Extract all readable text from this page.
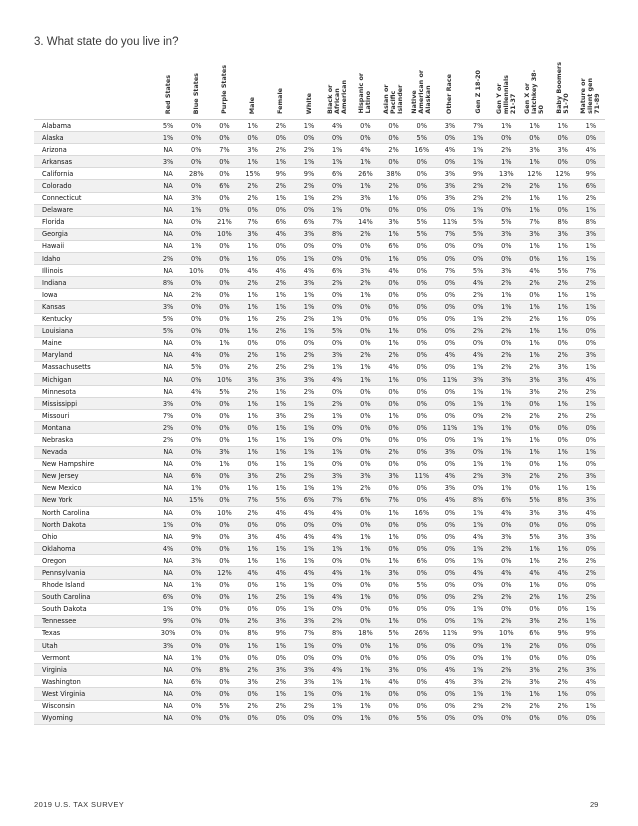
3. What state do you live in?
	Red States	Blue States	Purple States	Male	Female	White	Black or
African
American	Hispanic or
Latino	Asian or Pacific
Islander	Native
American or
Alaskan	Other Race	Gen Z 18-20	Gen Y or
millennials
21-37	Gen X or
latchkey 38-50	Baby Boomers
51-70	Mature or
silent gen
71-89
Alabama	5%	0%	0%	1%	2%	1%	4%	0%	0%	0%	3%	7%	1%	1%	1%	1%
Alaska	1%	0%	0%	0%	0%	0%	0%	0%	0%	5%	0%	1%	0%	0%	0%	0%
Arizona	NA	0%	7%	3%	2%	2%	1%	4%	2%	16%	4%	1%	2%	3%	3%	4%
Arkansas	3%	0%	0%	1%	1%	1%	1%	1%	0%	0%	0%	1%	1%	1%	0%	0%
California	NA	28%	0%	15%	9%	9%	6%	26%	38%	0%	3%	9%	13%	12%	12%	9%
Colorado	NA	0%	6%	2%	2%	2%	0%	1%	2%	0%	3%	2%	2%	2%	1%	6%
Connecticut	NA	3%	0%	2%	1%	1%	2%	3%	1%	0%	3%	2%	2%	1%	1%	2%
Delaware	NA	1%	0%	0%	0%	0%	1%	0%	0%	0%	0%	1%	0%	1%	0%	1%
Florida	NA	0%	21%	7%	6%	6%	7%	14%	3%	5%	11%	5%	5%	7%	8%	8%
Georgia	NA	0%	10%	3%	4%	3%	8%	2%	1%	5%	7%	5%	3%	3%	3%	3%
Hawaii	NA	1%	0%	1%	0%	0%	0%	0%	6%	0%	0%	0%	0%	1%	1%	1%
Idaho	2%	0%	0%	1%	0%	1%	0%	0%	1%	0%	0%	0%	0%	0%	1%	1%
Illinois	NA	10%	0%	4%	4%	4%	6%	3%	4%	0%	7%	5%	3%	4%	5%	7%
Indiana	8%	0%	0%	2%	2%	3%	2%	2%	0%	0%	0%	4%	2%	2%	2%	2%
Iowa	NA	2%	0%	1%	1%	1%	0%	1%	0%	0%	0%	2%	1%	0%	1%	1%
Kansas	3%	0%	0%	1%	1%	1%	0%	0%	0%	0%	0%	0%	1%	1%	1%	1%
Kentucky	5%	0%	0%	1%	2%	2%	1%	0%	0%	0%	0%	1%	2%	2%	1%	0%
Louisiana	5%	0%	0%	1%	2%	1%	5%	0%	1%	0%	0%	2%	2%	1%	1%	0%
Maine	NA	0%	1%	0%	0%	0%	0%	0%	1%	0%	0%	0%	0%	1%	0%	0%
Maryland	NA	4%	0%	2%	1%	2%	3%	2%	2%	0%	4%	4%	2%	1%	2%	3%
Massachusetts	NA	5%	0%	2%	2%	2%	1%	1%	4%	0%	0%	1%	2%	2%	3%	1%
Michigan	NA	0%	10%	3%	3%	3%	4%	1%	1%	0%	11%	3%	3%	3%	3%	4%
Minnesota	NA	4%	5%	2%	1%	2%	0%	0%	0%	0%	0%	1%	1%	3%	2%	2%
Mississippi	3%	0%	0%	1%	1%	1%	2%	0%	0%	0%	0%	1%	1%	0%	1%	1%
Missouri	7%	0%	0%	1%	3%	2%	1%	0%	1%	0%	0%	0%	2%	2%	2%	2%
Montana	2%	0%	0%	0%	1%	1%	0%	0%	0%	0%	11%	1%	1%	0%	0%	0%
Nebraska	2%	0%	0%	1%	1%	1%	0%	0%	0%	0%	0%	1%	1%	1%	0%	0%
Nevada	NA	0%	3%	1%	1%	1%	1%	0%	2%	0%	3%	0%	1%	1%	1%	1%
New Hampshire	NA	0%	1%	0%	1%	1%	0%	0%	0%	0%	0%	1%	1%	0%	1%	0%
New Jersey	NA	6%	0%	3%	2%	2%	3%	3%	3%	11%	4%	2%	3%	2%	2%	3%
New Mexico	NA	1%	0%	1%	1%	1%	1%	2%	0%	0%	3%	0%	1%	0%	1%	1%
New York	NA	15%	0%	7%	5%	6%	7%	6%	7%	0%	4%	8%	6%	5%	8%	3%
North Carolina	NA	0%	10%	2%	4%	4%	4%	0%	1%	16%	0%	1%	4%	3%	3%	4%
North Dakota	1%	0%	0%	0%	0%	0%	0%	0%	0%	0%	0%	1%	0%	0%	0%	0%
Ohio	NA	9%	0%	3%	4%	4%	4%	1%	1%	0%	0%	4%	3%	5%	3%	3%
Oklahoma	4%	0%	0%	1%	1%	1%	1%	1%	0%	0%	0%	1%	2%	1%	1%	0%
Oregon	NA	3%	0%	1%	1%	1%	0%	0%	1%	6%	0%	1%	0%	1%	2%	2%
Pennsylvania	NA	0%	12%	4%	4%	4%	4%	1%	3%	0%	0%	4%	4%	4%	4%	2%
Rhode Island	NA	1%	0%	0%	1%	1%	0%	0%	0%	5%	0%	0%	0%	1%	0%	0%
South Carolina	6%	0%	0%	1%	2%	1%	4%	1%	0%	0%	0%	2%	2%	2%	1%	2%
South Dakota	1%	0%	0%	0%	0%	1%	0%	0%	0%	0%	0%	1%	0%	0%	0%	1%
Tennessee	9%	0%	0%	2%	3%	3%	2%	0%	1%	0%	0%	1%	2%	3%	2%	1%
Texas	30%	0%	0%	8%	9%	7%	8%	18%	5%	26%	11%	9%	10%	6%	9%	9%
Utah	3%	0%	0%	1%	1%	1%	0%	0%	1%	0%	0%	0%	1%	2%	0%	0%
Vermont	NA	1%	0%	0%	0%	0%	0%	0%	0%	0%	0%	0%	1%	0%	0%	0%
Virginia	NA	0%	8%	2%	3%	3%	4%	1%	3%	0%	4%	1%	2%	3%	2%	3%
Washington	NA	6%	0%	3%	2%	3%	1%	1%	4%	0%	4%	3%	2%	3%	2%	4%
West Virginia	NA	0%	0%	0%	1%	1%	0%	1%	0%	0%	0%	1%	1%	1%	1%	0%
Wisconsin	NA	0%	5%	2%	2%	2%	1%	1%	0%	0%	0%	2%	2%	2%	2%	1%
Wyoming	NA	0%	0%	0%	0%	0%	0%	1%	0%	5%	0%	0%	0%	0%	0%	0%
2019 U.S. TAX SURVEY	29
